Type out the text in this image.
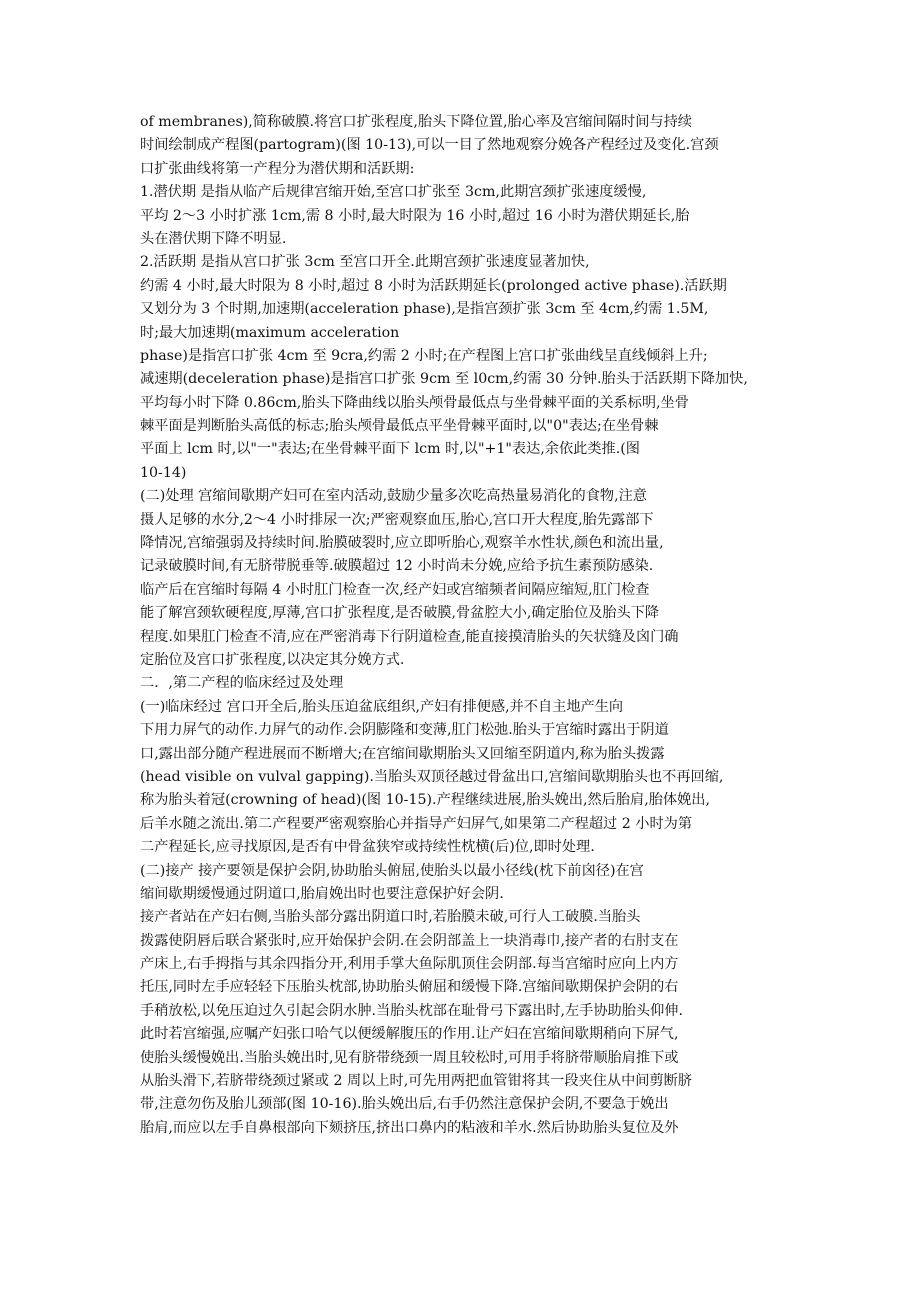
of membranes),简称破膜.将宫口扩张程度,胎头下降位置,胎心率及宫缩间隔时间与持续
时间绘制成产程图(partogram)(图 10-13),可以一目了然地观察分娩各产程经过及变化.宫颈
口扩张曲线将第一产程分为潜伏期和活跃期:
1.潜伏期 是指从临产后规律宫缩开始,至宫口扩张至 3cm,此期宫颈扩张速度缓慢,
平均 2～3 小时扩涨 1cm,需 8 小时,最大时限为 16 小时,超过 16 小时为潜伏期延长,胎
头在潜伏期下降不明显.
2.活跃期 是指从宫口扩张 3cm 至宫口开全.此期宫颈扩张速度显著加快,
约需 4 小时,最大时限为 8 小时,超过 8 小时为活跃期延长(prolonged active phase).活跃期
又划分为 3 个时期,加速期(acceleration phase),是指宫颈扩张 3cm 至 4cm,约需 1.5M,
时;最大加速期(maximum acceleration
phase)是指宫口扩张 4cm 至 9cra,约需 2 小时;在产程图上宫口扩张曲线呈直线倾斜上升;
减速期(deceleration phase)是指宫口扩张 9cm 至 l0cm,约需 30 分钟.胎头于活跃期下降加快,
平均每小时下降 0.86cm,胎头下降曲线以胎头颅骨最低点与坐骨棘平面的关系标明,坐骨
棘平面是判断胎头高低的标志;胎头颅骨最低点平坐骨棘平面时,以"0"表达;在坐骨棘
平面上 lcm 时,以"一"表达;在坐骨棘平面下 lcm 时,以"+1"表达,余依此类推.(图
10-14)
(二)处理 宫缩间歇期产妇可在室内活动,鼓励少量多次吃高热量易消化的食物,注意
摄人足够的水分,2～4 小时排尿一次;严密观察血压,胎心,宫口开大程度,胎先露部下
降情况,宫缩强弱及持续时间.胎膜破裂时,应立即听胎心,观察羊水性状,颜色和流出量,
记录破膜时间,有无脐带脱垂等.破膜超过 12 小时尚未分娩,应给予抗生素预防感染.
临产后在宫缩时每隔 4 小时肛门检查一次,经产妇或宫缩频者间隔应缩短,肛门检查
能了解宫颈软硬程度,厚薄,宫口扩张程度,是否破膜,骨盆腔大小,确定胎位及胎头下降
程度.如果肛门检查不清,应在严密消毒下行阴道检查,能直接摸清胎头的矢状缝及囟门确
定胎位及宫口扩张程度,以决定其分娩方式.
二．,第二产程的临床经过及处理
(一)临床经过 宫口开全后,胎头压迫盆底组织,产妇有排便感,并不自主地产生向
下用力屏气的动作.力屏气的动作.会阴膨隆和变薄,肛门松弛.胎头于宫缩时露出于阴道
口,露出部分随产程进展而不断增大;在宫缩间歇期胎头又回缩至阴道内,称为胎头拨露
(head visible on vulval gapping).当胎头双顶径越过骨盆出口,宫缩间歇期胎头也不再回缩,
称为胎头着冠(crowning of head)(图 10-15).产程继续进展,胎头娩出,然后胎肩,胎体娩出,
后羊水随之流出.第二产程要严密观察胎心并指导产妇屏气,如果第二产程超过 2 小时为第
二产程延长,应寻找原因,是否有中骨盆狭窄或持续性枕横(后)位,即时处理.
(二)接产 接产要领是保护会阴,协助胎头俯屈,使胎头以最小径线(枕下前囟径)在宫
缩间歇期缓慢通过阴道口,胎肩娩出时也要注意保护好会阴.
接产者站在产妇右侧,当胎头部分露出阴道口时,若胎膜未破,可行人工破膜.当胎头
拨露使阴唇后联合紧张时,应开始保护会阴.在会阴部盖上一块消毒巾,接产者的右肘支在
产床上,右手拇指与其余四指分开,利用手掌大鱼际肌顶住会阴部.每当宫缩时应向上内方
托压,同时左手应轻轻下压胎头枕部,协助胎头俯屈和缓慢下降.宫缩间歇期保护会阴的右
手稍放松,以免压迫过久引起会阴水肿.当胎头枕部在耻骨弓下露出时,左手协助胎头仰伸.
此时若宫缩强,应嘱产妇张口哈气以便缓解腹压的作用.让产妇在宫缩间歇期稍向下屏气,
使胎头缓慢娩出.当胎头娩出时,见有脐带绕颈一周且较松时,可用手将脐带顺胎肩推下或
从胎头滑下,若脐带绕颈过紧或 2 周以上时,可先用两把血管钳将其一段夹住从中间剪断脐
带,注意勿伤及胎儿颈部(图 10-16).胎头娩出后,右手仍然注意保护会阴,不要急于娩出
胎肩,而应以左手自鼻根部向下颏挤压,挤出口鼻内的粘液和羊水.然后协助胎头复位及外
